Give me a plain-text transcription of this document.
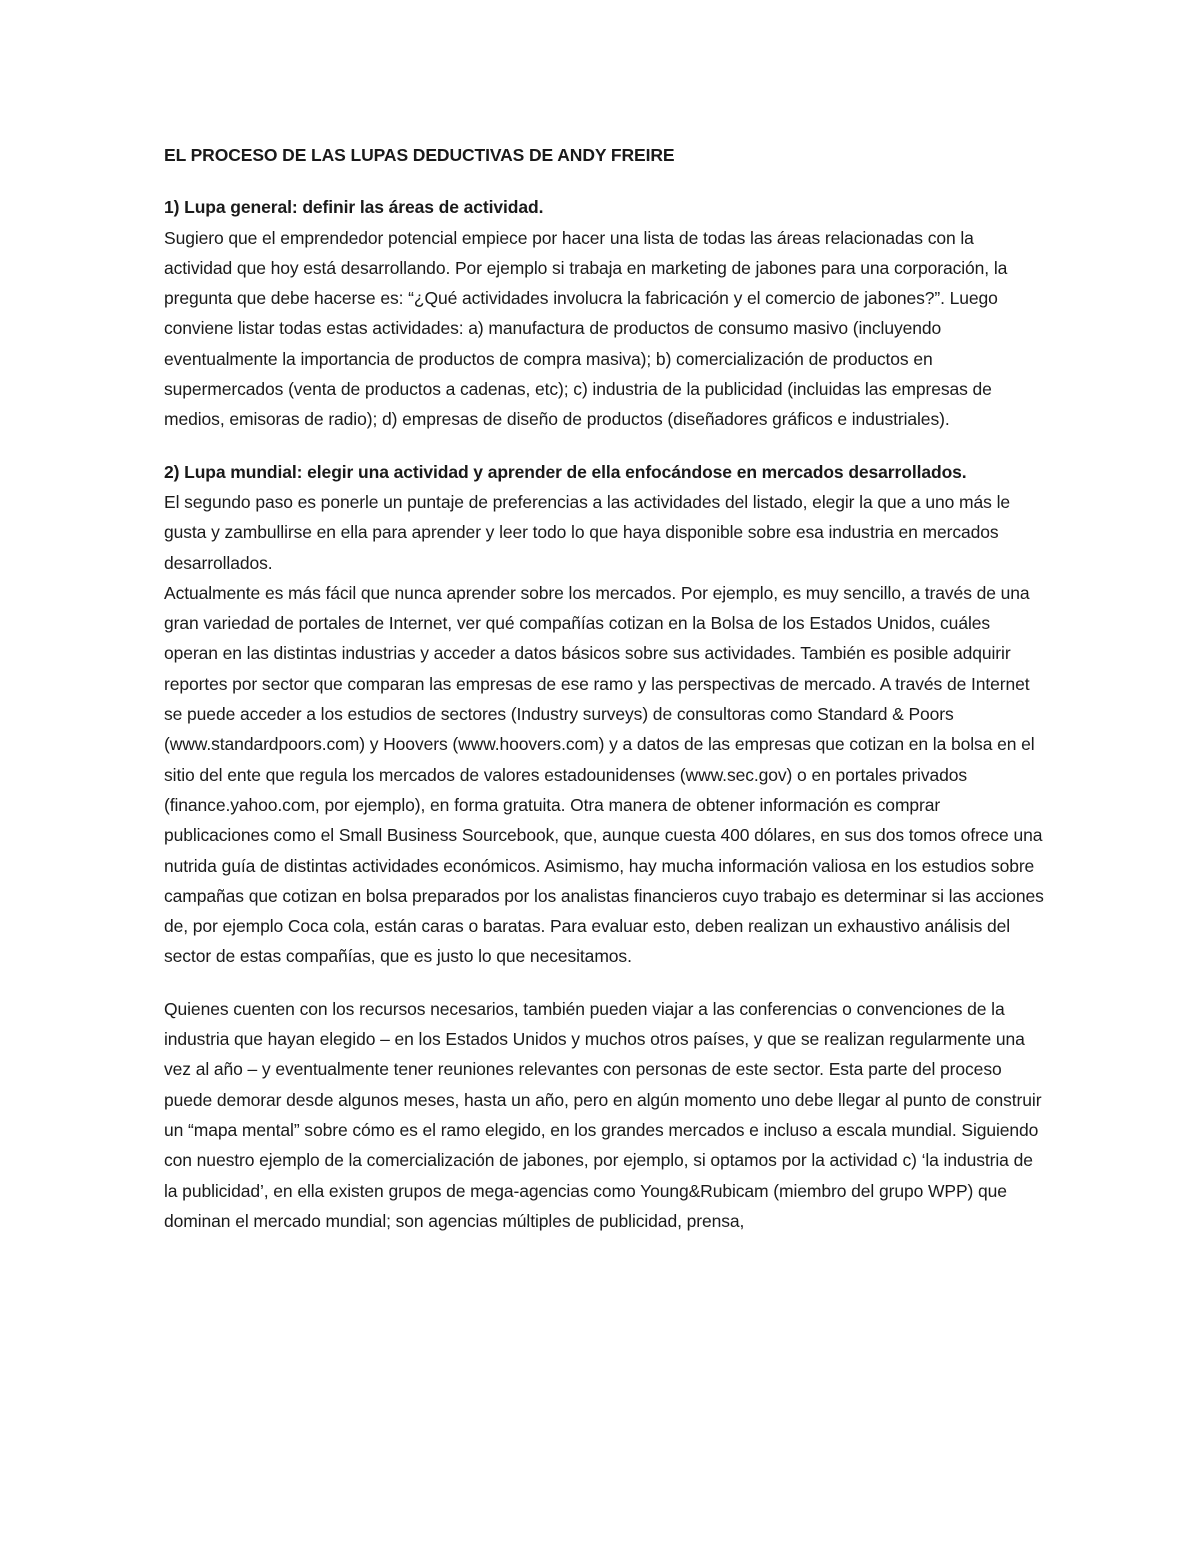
EL PROCESO DE LAS LUPAS DEDUCTIVAS DE ANDY FREIRE

1) Lupa general: definir las áreas de actividad.

Sugiero que el emprendedor potencial empiece por hacer una lista de todas las áreas relacionadas con la actividad que hoy está desarrollando. Por ejemplo si trabaja en marketing de jabones para una corporación, la pregunta que debe hacerse es: “¿Qué actividades involucra la fabricación y el comercio de jabones?”. Luego conviene listar todas estas actividades: a) manufactura de productos de consumo masivo (incluyendo eventualmente la importancia de productos de compra masiva); b) comercialización de productos en supermercados (venta de productos a cadenas, etc); c) industria de la publicidad (incluidas las empresas de medios, emisoras de radio); d) empresas de diseño de productos (diseñadores gráficos e industriales).

2) Lupa mundial: elegir una actividad y aprender de ella enfocándose en mercados desarrollados.

El segundo paso es ponerle un puntaje de preferencias a las actividades del listado, elegir la que a uno más le gusta y zambullirse en ella para aprender y leer todo lo que haya disponible sobre esa industria en mercados desarrollados.

Actualmente es más fácil que nunca aprender sobre los mercados. Por ejemplo, es muy sencillo, a través de una gran variedad de portales de Internet, ver qué compañías cotizan en la Bolsa de los Estados Unidos, cuáles operan en las distintas industrias y acceder a datos básicos sobre sus actividades. También es posible adquirir reportes por sector que comparan las empresas de ese ramo y las perspectivas de mercado. A través de Internet se puede acceder a los estudios de sectores (Industry surveys) de consultoras como Standard & Poors (www.standardpoors.com) y Hoovers (www.hoovers.com) y a datos de las empresas que cotizan en la bolsa en el sitio del ente que regula los mercados de valores estadounidenses (www.sec.gov) o en portales privados (finance.yahoo.com, por ejemplo), en forma gratuita. Otra manera de obtener información es comprar publicaciones como el Small Business Sourcebook, que, aunque cuesta 400 dólares, en sus dos tomos ofrece una nutrida guía de distintas actividades económicos. Asimismo, hay mucha información valiosa en los estudios sobre campañas que cotizan en bolsa preparados por los analistas financieros cuyo trabajo es determinar si las acciones de, por ejemplo Coca cola, están caras o baratas. Para evaluar esto, deben realizan un exhaustivo análisis del sector de estas compañías, que es justo lo que necesitamos.

Quienes cuenten con los recursos necesarios, también pueden viajar a las conferencias o convenciones de la industria que hayan elegido – en los Estados Unidos y muchos otros países, y que se realizan regularmente una vez al año – y eventualmente tener reuniones relevantes con personas de este sector. Esta parte del proceso puede demorar desde algunos meses, hasta un año, pero en algún momento uno debe llegar al punto de construir un “mapa mental” sobre cómo es el ramo elegido, en los grandes mercados e incluso a escala mundial. Siguiendo con nuestro ejemplo de la comercialización de jabones, por ejemplo, si optamos por la actividad c) ‘la industria de la publicidad’, en ella existen grupos de mega-agencias como Young&Rubicam (miembro del grupo WPP) que dominan el mercado mundial; son agencias múltiples de publicidad, prensa,
